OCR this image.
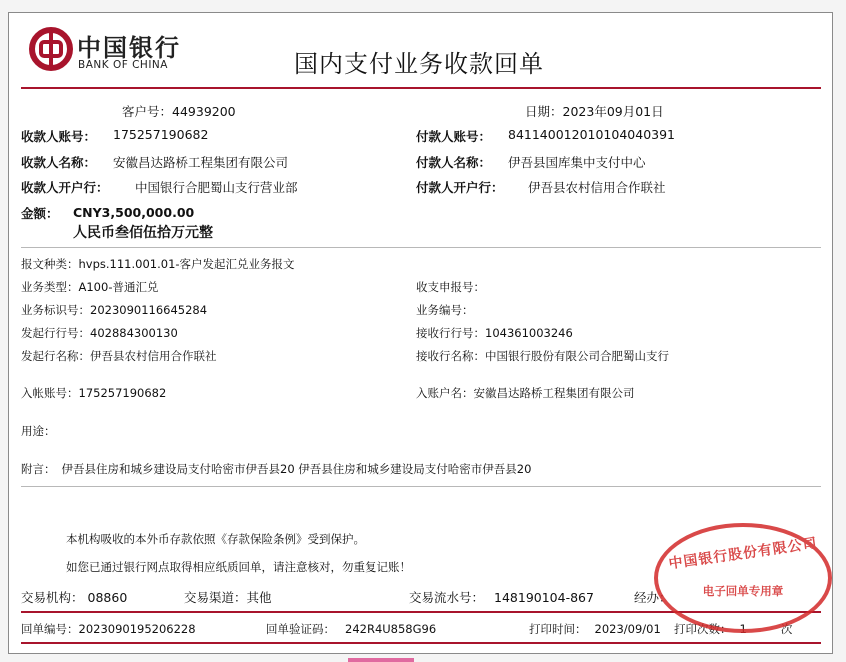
中国银行
BANK OF CHINA	国内支付业务收款回单
客户号：44939200	日期：2023年09月01日
收款人账号： 175257190682
收款人名称： 安徽昌达路桥工程集团有限公司
收款人开户行： 中国银行合肥蜀山支行营业部
付款人账号： 84114001201010404039​1
付款人名称： 伊吾县国库集中支付中心
付款人开户行： 伊吾县农村信用合作联社
金额： CNY3,500,000.00
人民币叁佰伍拾万元整
报文种类：hvps.111.001.01-客户发起汇兑业务报文
业务类型：A100-普通汇兑	收支申报号：
业务标识号：2023090116645284	业务编号：
发起行行号：402884300130	接收行行号：104361003246
发起行名称：伊吾县农村信用合作联社	接收行名称：中国银行股份有限公司合肥蜀山支行
入帐账号：175257190682	入账户名：安徽昌达路桥工程集团有限公司
用途：
附言： 伊吾县住房和城乡建设局支付哈密市伊吾县20 伊吾县住房和城乡建设局支付哈密市伊吾县20
本机构吸收的本外币存款依照《存款保险条例》受到保护。
如您已通过银行网点取得相应纸质回单，请注意核对，勿重复记账！
交易机构： 08860	交易渠道：其他	交易流水号： 148190104-867	经办：
回单编号：2023090195206228	回单验证码： 242R4U858G96	打印时间： 2023/09/01 打印次数： 1	次
中国银行股份有限公司
电子回单专用章
